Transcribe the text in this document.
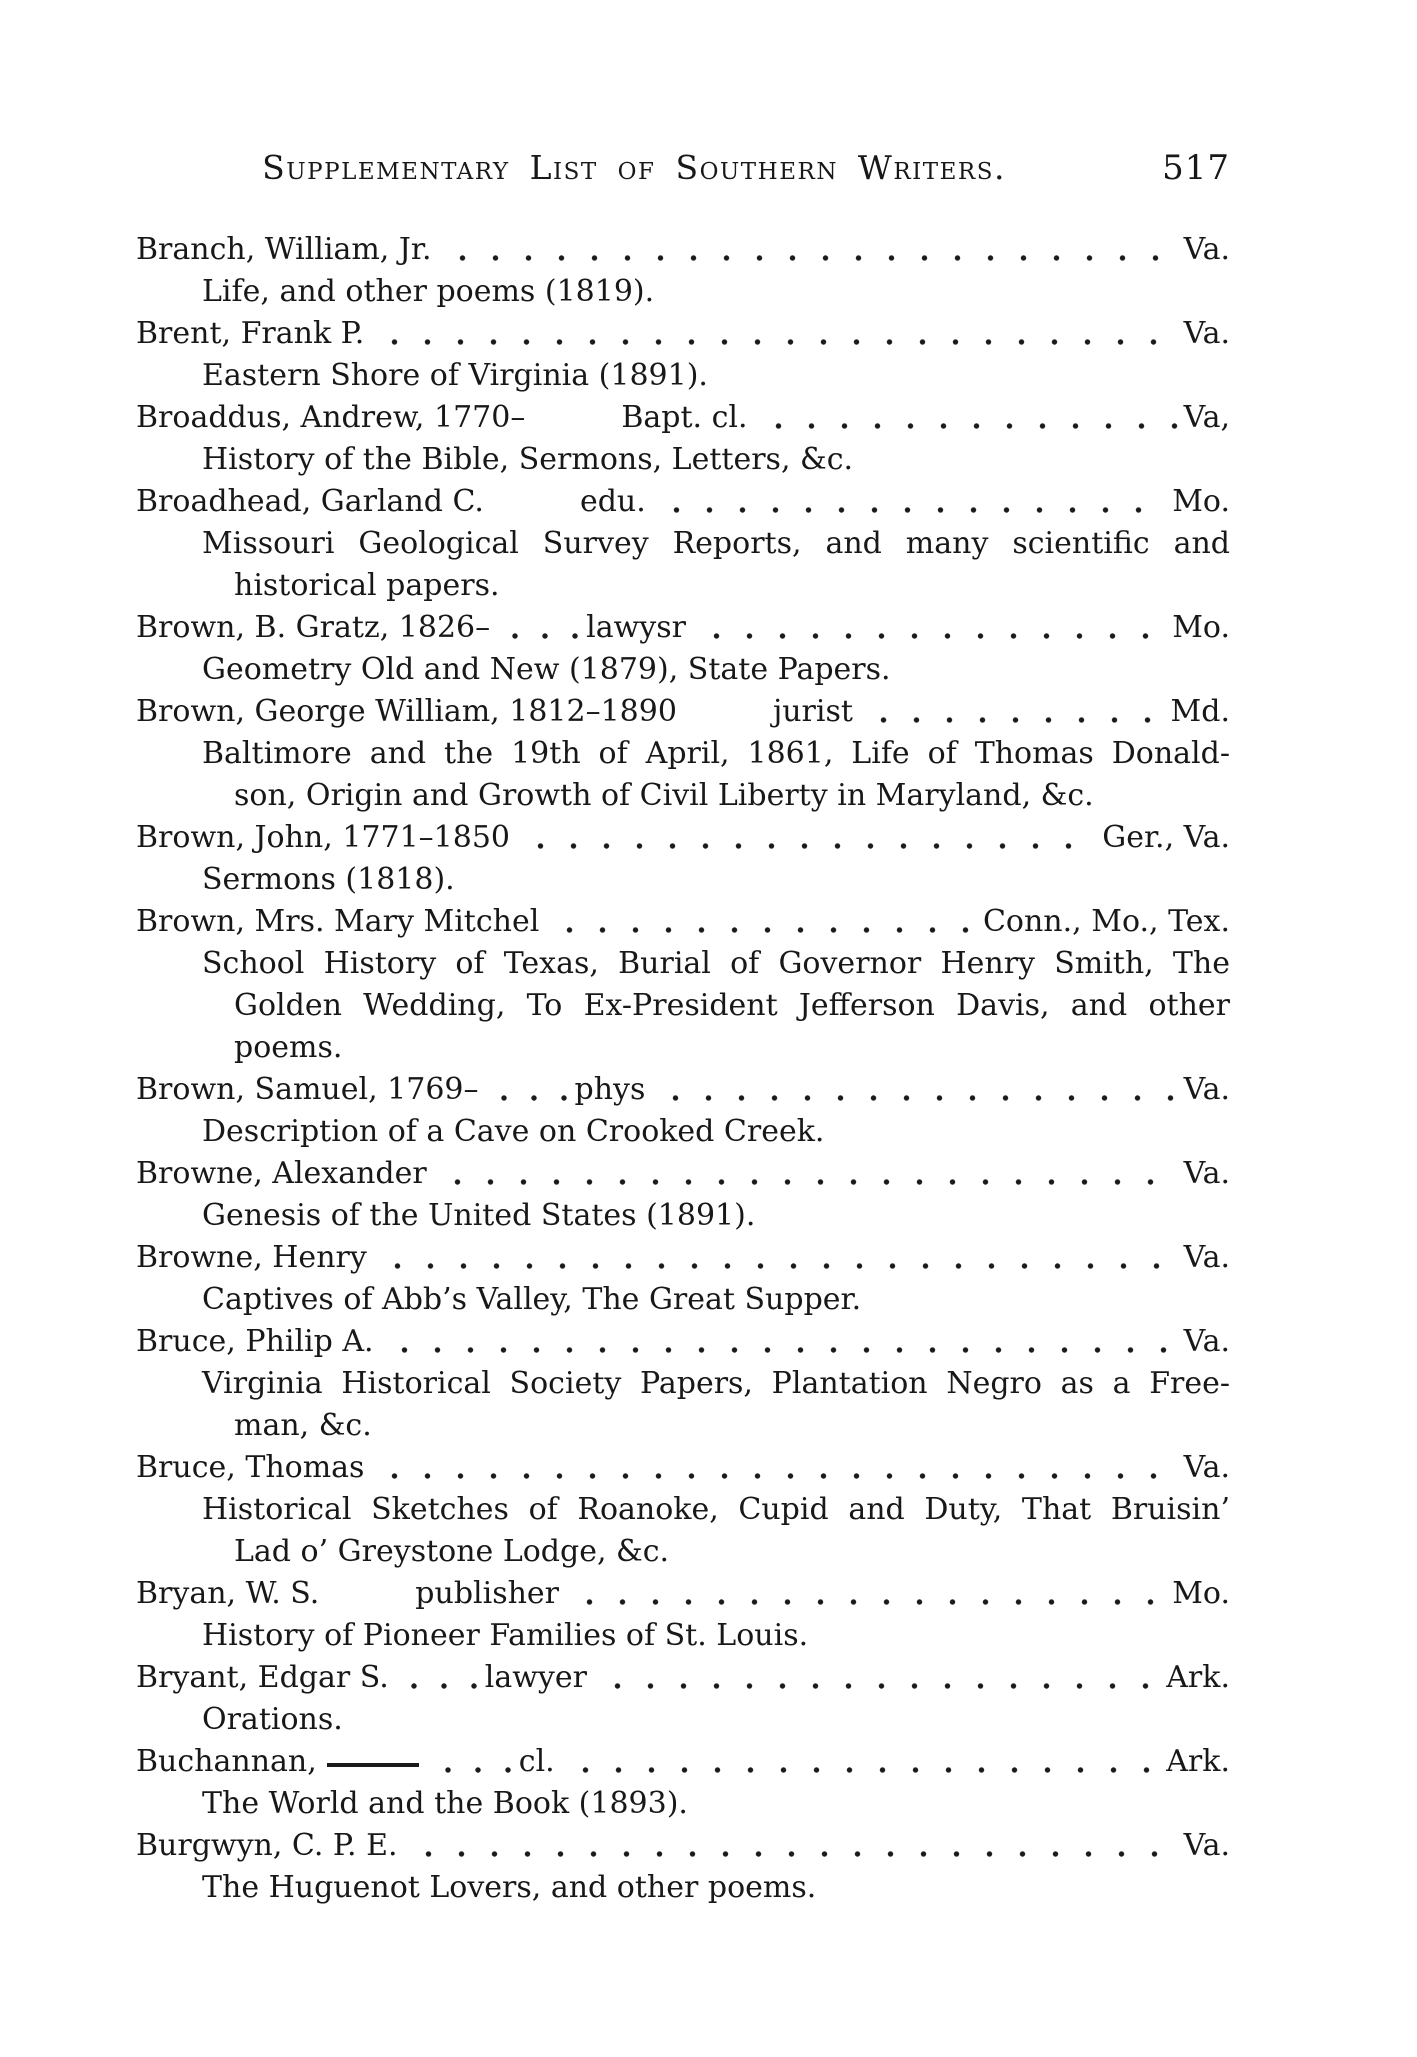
Supplementary List of Southern Writers.	517
Branch, William, Jr.	Va.
Life, and other poems (1819).
Brent, Frank P.	Va.
Eastern Shore of Virginia (1891).
Broaddus, Andrew, 1770–	Bapt. cl.	Va,
History of the Bible, Sermons, Letters, &c.
Broadhead, Garland C.	edu.	Mo.
Missouri Geological Survey Reports, and many scientific and
historical papers.
Brown, B. Gratz, 1826–	lawysr	Mo.
Geometry Old and New (1879), State Papers.
Brown, George William, 1812–1890	jurist	Md.
Baltimore and the 19th of April, 1861, Life of Thomas Donald-
son, Origin and Growth of Civil Liberty in Maryland, &c.
Brown, John, 1771–1850	Ger., Va.
Sermons (1818).
Brown, Mrs. Mary Mitchel	Conn., Mo., Tex.
School History of Texas, Burial of Governor Henry Smith, The
Golden Wedding, To Ex-President Jefferson Davis, and other
poems.
Brown, Samuel, 1769–	phys	Va.
Description of a Cave on Crooked Creek.
Browne, Alexander	Va.
Genesis of the United States (1891).
Browne, Henry	Va.
Captives of Abb’s Valley, The Great Supper.
Bruce, Philip A.	Va.
Virginia Historical Society Papers, Plantation Negro as a Free-
man, &c.
Bruce, Thomas	Va.
Historical Sketches of Roanoke, Cupid and Duty, That Bruisin’
Lad o’ Greystone Lodge, &c.
Bryan, W. S.	publisher	Mo.
History of Pioneer Families of St. Louis.
Bryant, Edgar S.	lawyer	Ark.
Orations.
Buchannan,	cl.	Ark.
The World and the Book (1893).
Burgwyn, C. P. E.	Va.
The Huguenot Lovers, and other poems.
